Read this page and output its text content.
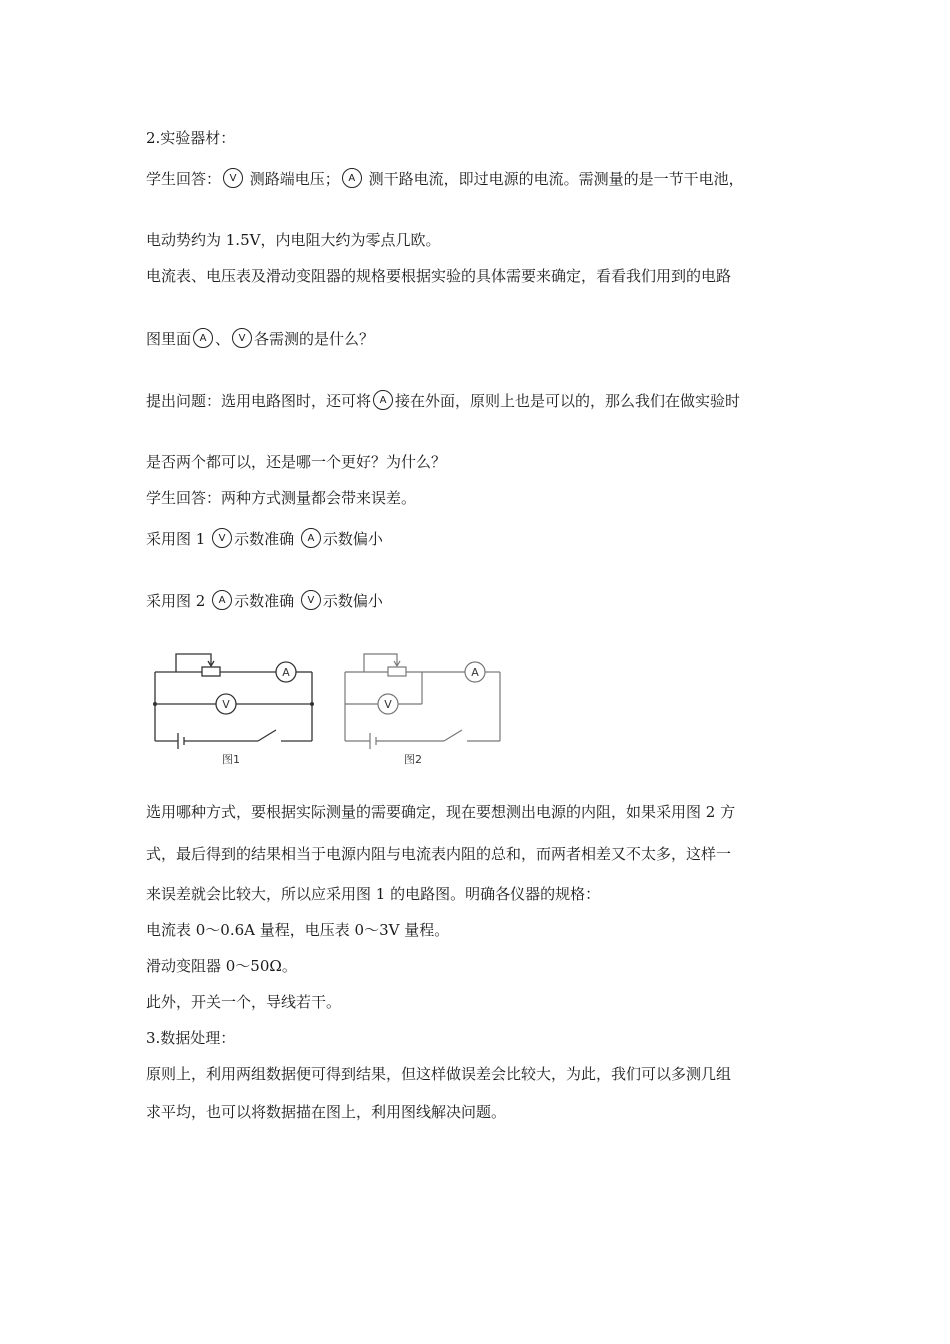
2.实验器材：
学生回答： V 测路端电压； A 测干路电流，即过电源的电流。需测量的是一节干电池，
电动势约为 1.5V，内电阻大约为零点几欧。
电流表、电压表及滑动变阻器的规格要根据实验的具体需要来确定，看看我们用到的电路
图里面 A 、 V 各需测的是什么？
提出问题：选用电路图时，还可将 A 接在外面，原则上也是可以的，那么我们在做实验时
是否两个都可以，还是哪一个更好？为什么？
学生回答：两种方式测量都会带来误差。
采用图 1 V 示数准确 A 示数偏小
采用图 2 A 示数准确 V 示数偏小
A
V
图1
A
V
图2
选用哪种方式，要根据实际测量的需要确定，现在要想测出电源的内阻，如果采用图 2 方
式，最后得到的结果相当于电源内阻与电流表内阻的总和，而两者相差又不太多，这样一
来误差就会比较大，所以应采用图 1 的电路图。明确各仪器的规格：
电流表 0～0.6A 量程，电压表 0～3V 量程。
滑动变阻器 0～50Ω。
此外，开关一个，导线若干。
3.数据处理：
原则上，利用两组数据便可得到结果，但这样做误差会比较大，为此，我们可以多测几组
求平均，也可以将数据描在图上，利用图线解决问题。
